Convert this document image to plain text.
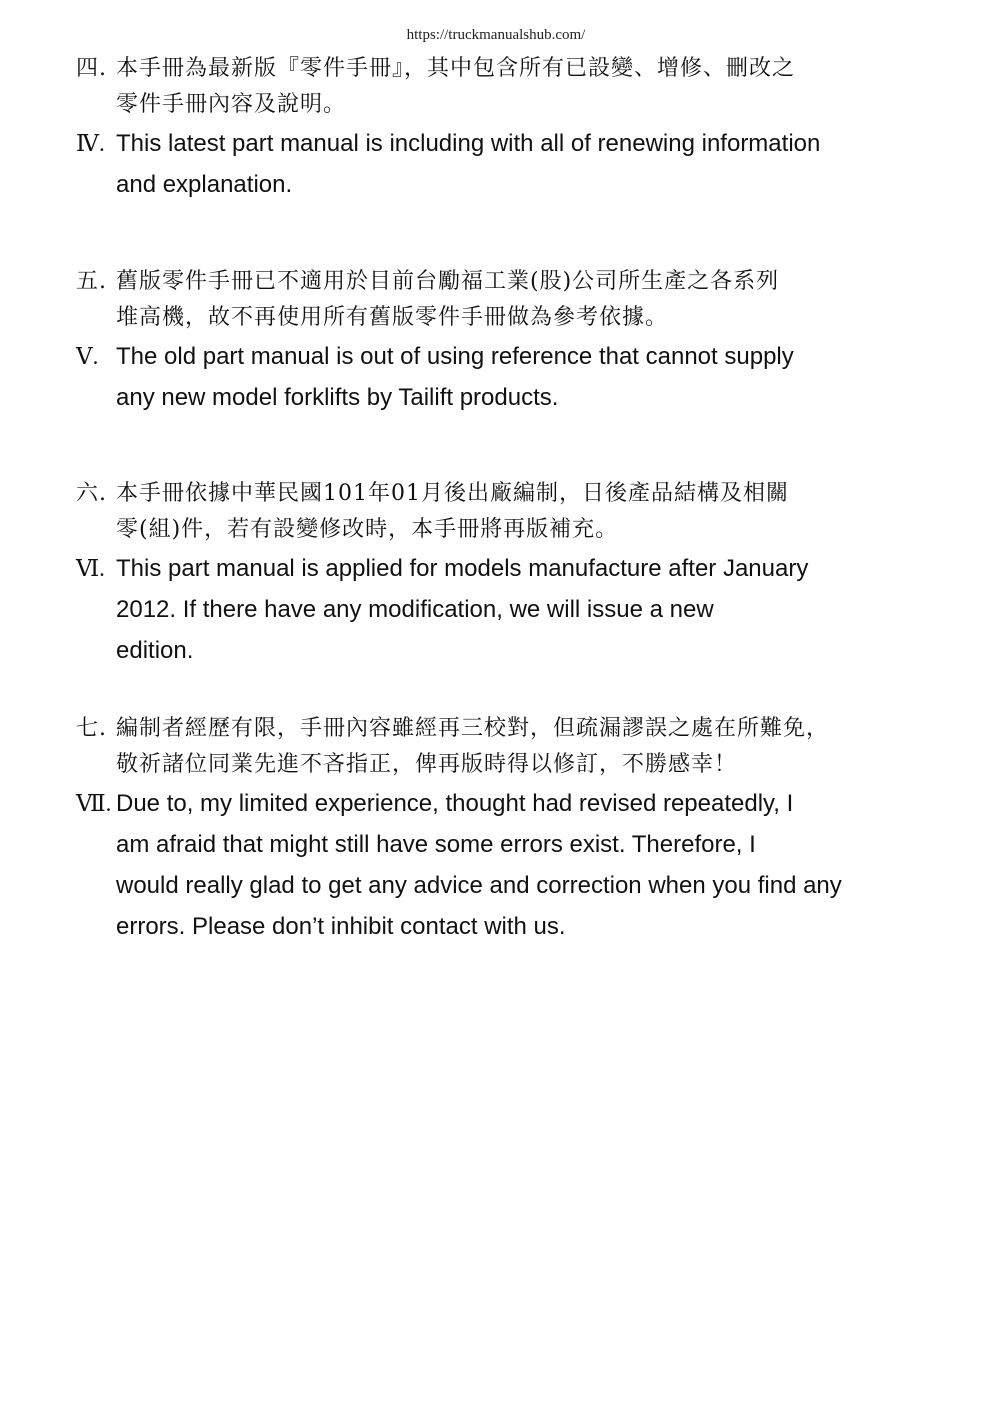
https://truckmanualshub.com/
四. 本手冊為最新版『零件手冊』，其中包含所有已設變、增修、刪改之
零件手冊內容及說明。
Ⅳ. This latest part manual is including with all of renewing information
and explanation.
五. 舊版零件手冊已不適用於目前台勵福工業(股)公司所生產之各系列
堆高機，故不再使用所有舊版零件手冊做為參考依據。
Ⅴ. The old part manual is out of using reference that cannot supply
any new model forklifts by Tailift products.
六. 本手冊依據中華民國101年01月後出廠編制，日後產品結構及相關
零(組)件，若有設變修改時，本手冊將再版補充。
Ⅵ. This part manual is applied for models manufacture after January
2012. If there have any modification, we will issue a new
edition.
七. 編制者經歷有限，手冊內容雖經再三校對，但疏漏謬誤之處在所難免，
敬祈諸位同業先進不吝指正，俾再版時得以修訂，不勝感幸！
Ⅶ. Due to, my limited experience, thought had revised repeatedly, I
am afraid that might still have some errors exist. Therefore, I
would really glad to get any advice and correction when you find any
errors. Please don’t inhibit contact with us.
